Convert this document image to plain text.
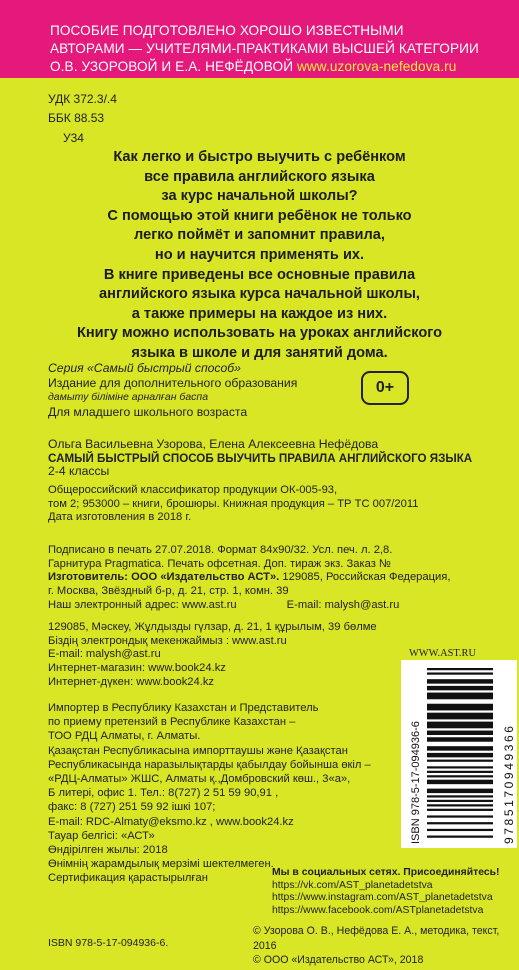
ПОСОБИЕ ПОДГОТОВЛЕНО ХОРОШО ИЗВЕСТНЫМИ
АВТОРАМИ — УЧИТЕЛЯМИ-ПРАКТИКАМИ ВЫСШЕЙ КАТЕГОРИИ
О.В. УЗОРОВОЙ И Е.А. НЕФЁДОВОЙ www.uzorova-nefedova.ru
УДК 372.3/.4
ББК 88.53
У34
Как легко и быстро выучить с ребёнком
все правила английского языка
за курс начальной школы?
С помощью этой книги ребёнок не только
легко поймёт и запомнит правила,
но и научится применять их.
В книге приведены все основные правила
английского языка курса начальной школы,
а также примеры на каждое из них.
Книгу можно использовать на уроках английского
языка в школе и для занятий дома.
Серия «Самый быстрый способ»
Издание для дополнительного образования
дамыту біліміне арналған баспа
Для младшего школьного возраста
0+
Ольга Васильевна Узорова, Елена Алексеевна Нефёдова
САМЫЙ БЫСТРЫЙ СПОСОБ ВЫУЧИТЬ ПРАВИЛА АНГЛИЙСКОГО ЯЗЫКА
2-4 классы
Общероссийский классификатор продукции ОК-005-93,
том 2; 953000 – книги, брошюры. Книжная продукция – ТР ТС 007/2011
Дата изготовления в 2018 г.
Подписано в печать 27.07.2018. Формат 84х90/32. Усл. печ. л. 2,8.
Гарнитура Pragmatica. Печать офсетная. Доп. тираж экз. Заказ №
Изготовитель: ООО «Издательство АСТ». 129085, Российская Федерация,
г. Москва, Звёздный б-р, д. 21, стр. 1, комн. 39
Наш электронный адрес: www.ast.ru	E-mail: malysh@ast.ru
129085, Мәскеу, Жұлдызды гүлзар, д. 21, 1 құрылым, 39 бөлме
Біздің электрондық мекенжаймыз : www.ast.ru
E-mail: malysh@ast.ru
Интернет-магазин: www.book24.kz
Интернет-дүкен: www.book24.kz
Импортер в Республику Казахстан и Представитель
по приему претензий в Республике Казахстан –
ТОО РДЦ Алматы, г. Алматы.
Қазақстан Республикасына импорттаушы және Қазақстан
Республикасында наразылықтарды қабылдау бойынша өкіл –
«РДЦ-Алматы» ЖШС, Алматы қ.,Домбровский көш., 3«а»,
Б литері, офис 1. Тел.: 8(727) 2 51 59 90,91 ,
факс: 8 (727) 251 59 92 ішкі 107;
E-mail: RDC-Almaty@eksmo.kz , www.book24.kz
Тауар белгісі: «АСТ»
Өндірілген жылы: 2018
Өнімнің жарамдылық мерзімі шектелмеген.
Сертификация қарастырылған
WWW.AST.RU
ISBN 978-5-17-094936-6	9785170949366
Мы в социальных сетях. Присоединяйтесь!
https://vk.com/AST_planetadetstva
https://www.instagram.com/AST_planetadetstva
https://www.facebook.com/ASTplanetadetstva
© Узорова О. В., Нефёдова Е. А., методика, текст, 2016
© ООО «Издательство АСТ», 2018
ISBN 978-5-17-094936-6.
